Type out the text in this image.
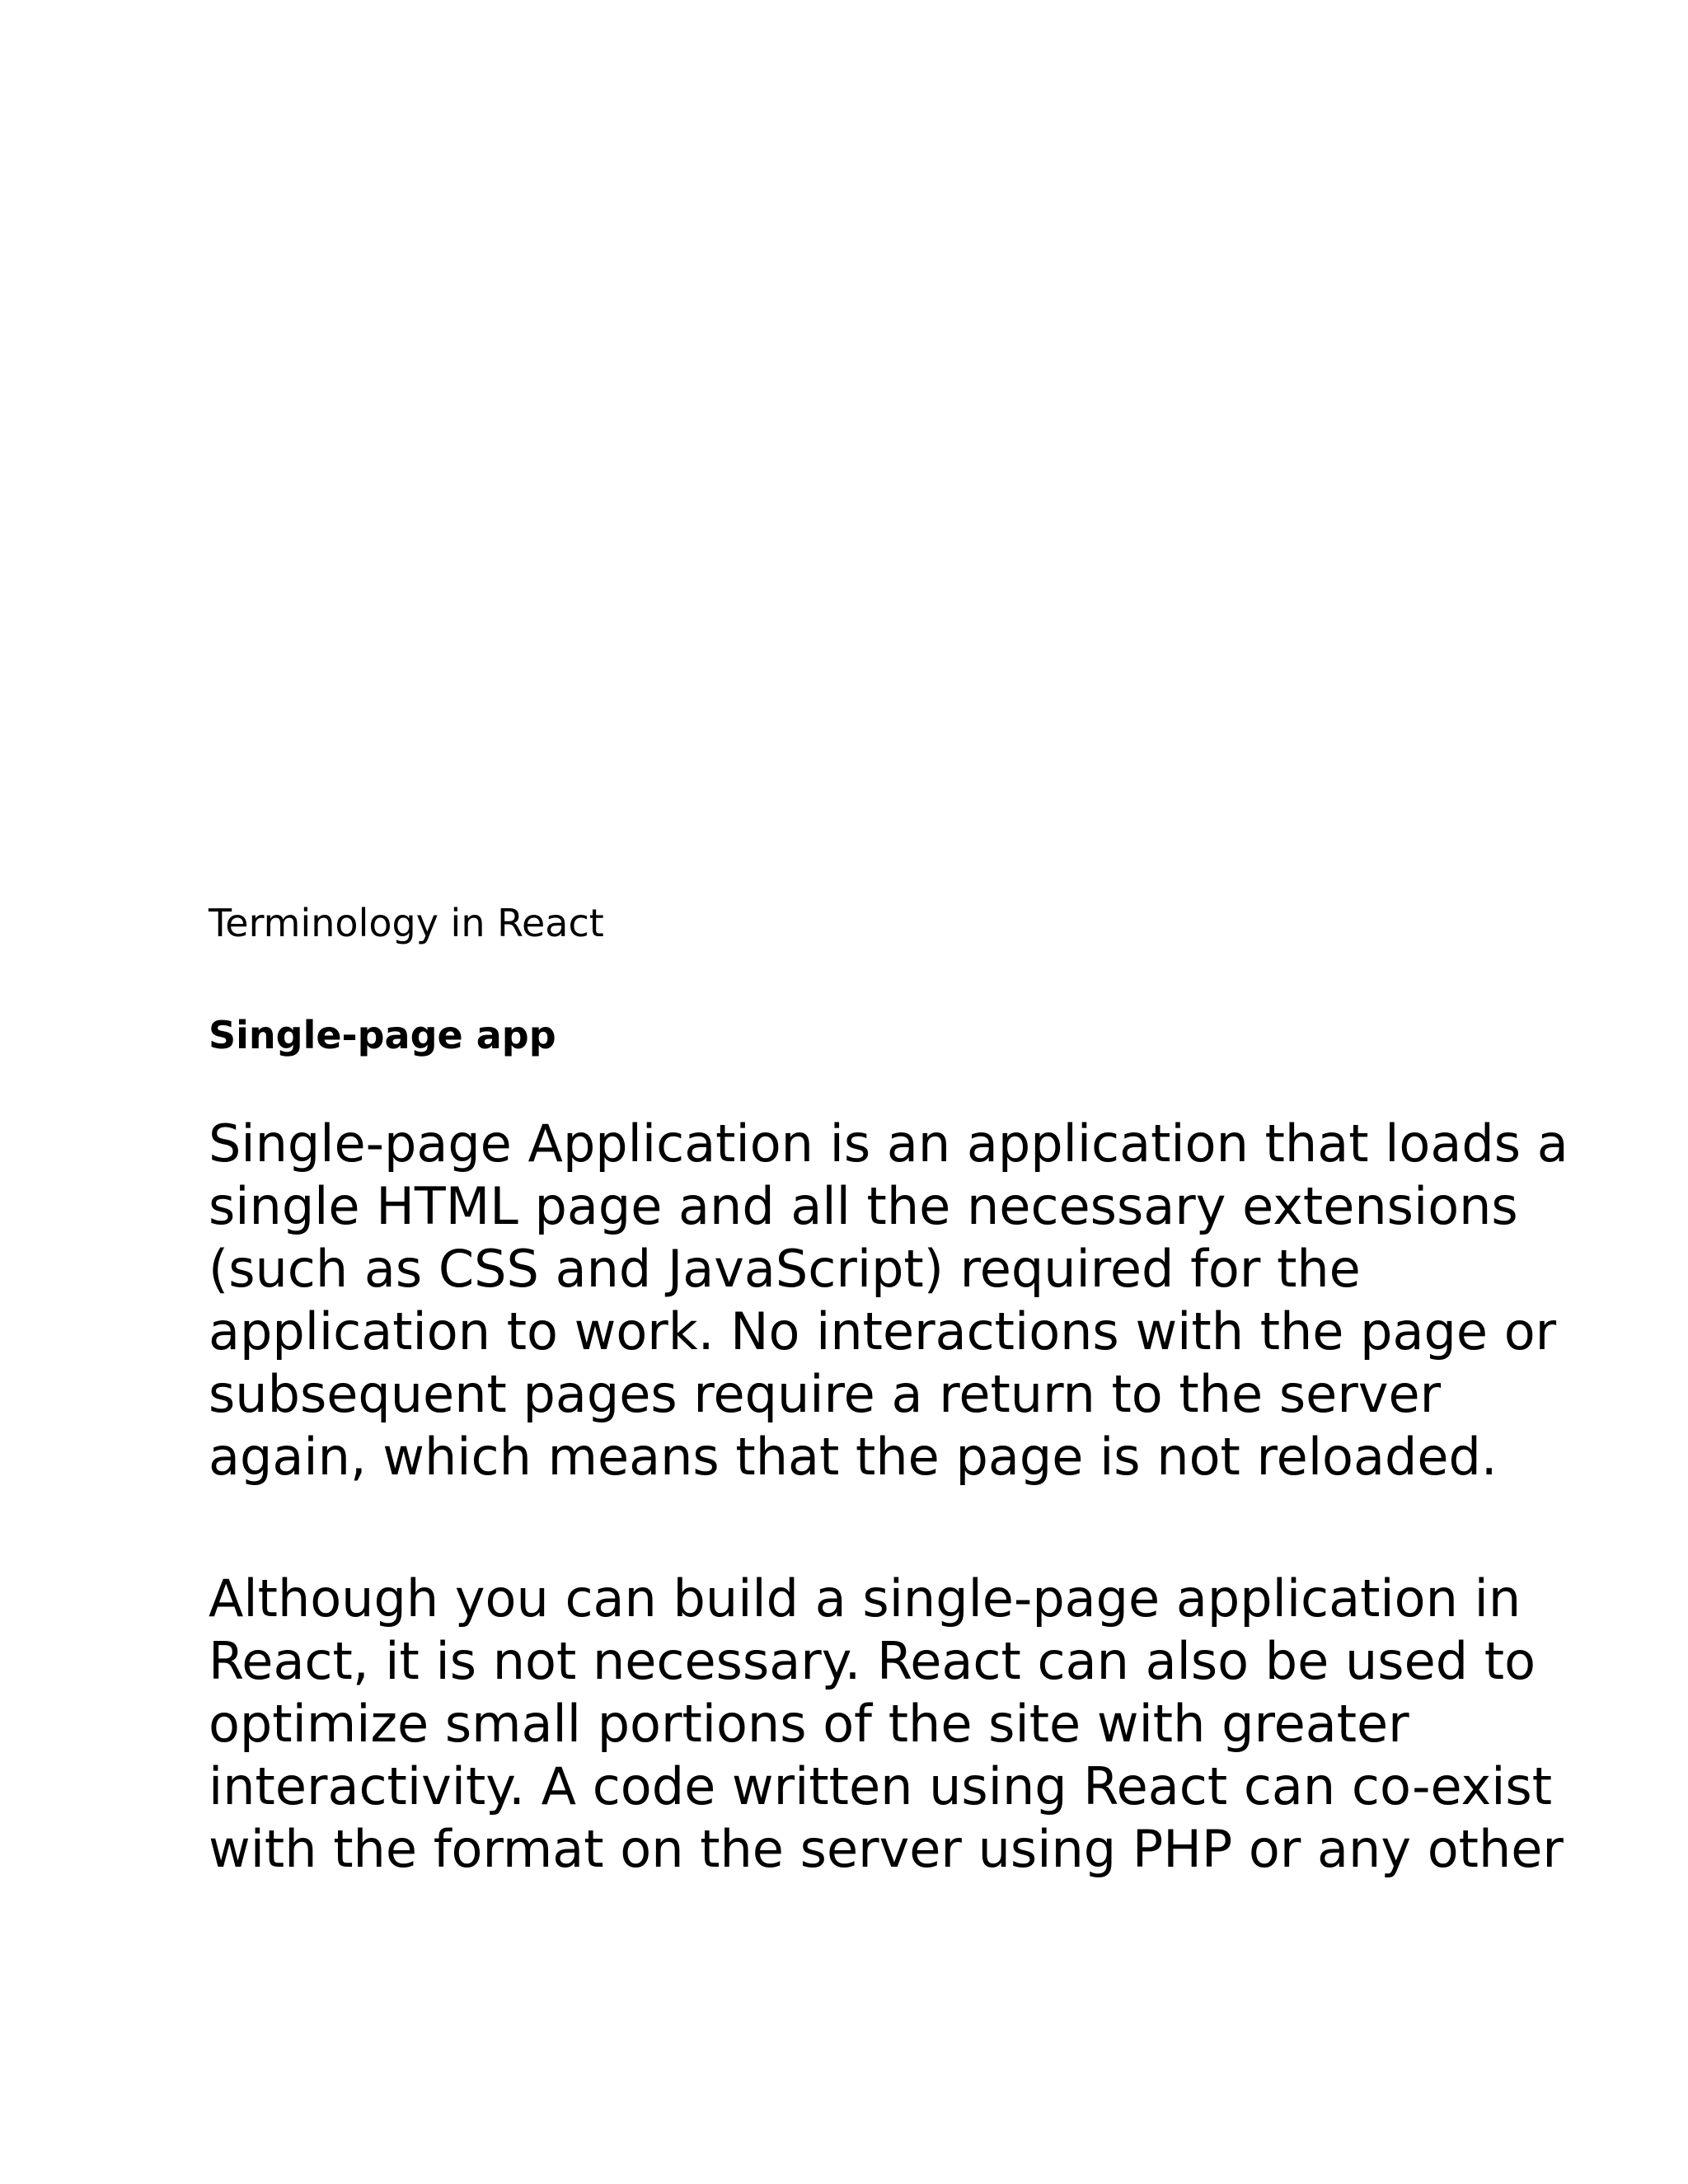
Terminology in React

Single-page app

Single-page Application is an application that loads a
single HTML page and all the necessary extensions
(such as CSS and JavaScript) required for the
application to work. No interactions with the page or
subsequent pages require a return to the server
again, which means that the page is not reloaded.

Although you can build a single-page application in
React, it is not necessary. React can also be used to
optimize small portions of the site with greater
interactivity. A code written using React can co-exist
with the format on the server using PHP or any other
